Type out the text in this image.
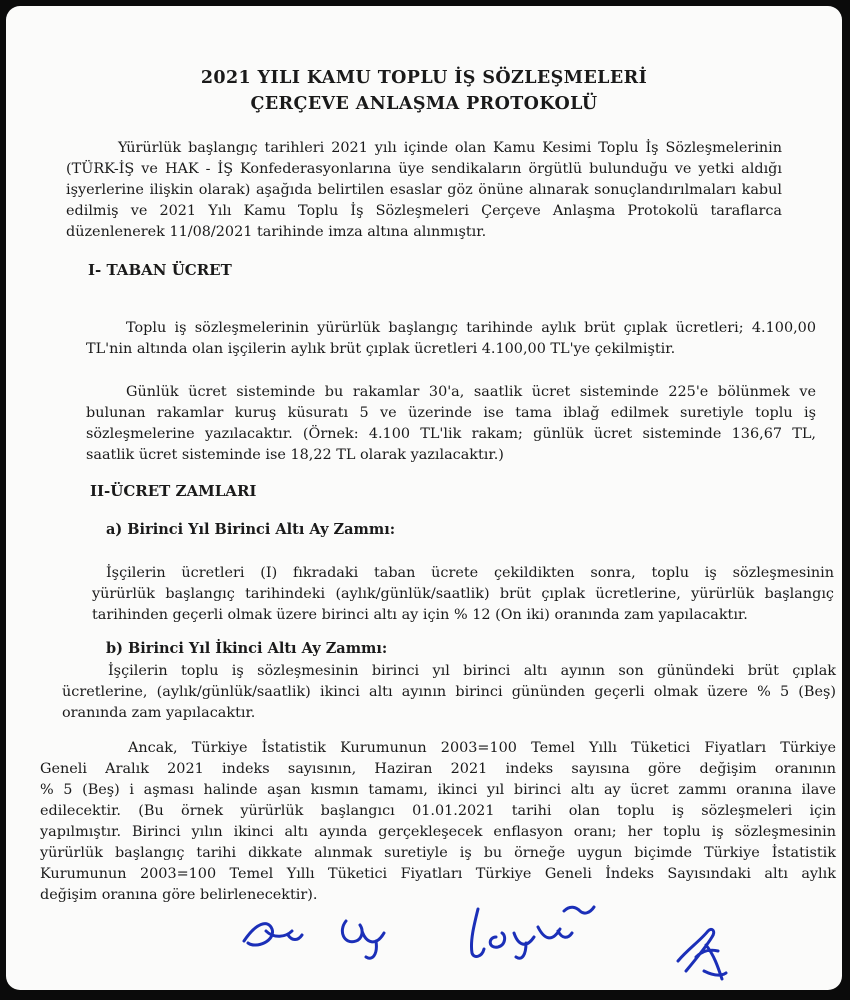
2021 YILI KAMU TOPLU İŞ SÖZLEŞMELERİ
ÇERÇEVE ANLAŞMA PROTOKOLÜ
Yürürlük başlangıç tarihleri 2021 yılı içinde olan Kamu Kesimi Toplu İş Sözleşmelerinin
(TÜRK-İŞ ve HAK - İŞ Konfederasyonlarına üye sendikaların örgütlü bulunduğu ve yetki aldığı
işyerlerine ilişkin olarak) aşağıda belirtilen esaslar göz önüne alınarak sonuçlandırılmaları kabul
edilmiş ve 2021 Yılı Kamu Toplu İş Sözleşmeleri Çerçeve Anlaşma Protokolü taraflarca
düzenlenerek 11/08/2021 tarihinde imza altına alınmıştır.
I- TABAN ÜCRET
Toplu iş sözleşmelerinin yürürlük başlangıç tarihinde aylık brüt çıplak ücretleri; 4.100,00
TL'nin altında olan işçilerin aylık brüt çıplak ücretleri 4.100,00 TL'ye çekilmiştir.
Günlük ücret sisteminde bu rakamlar 30'a, saatlik ücret sisteminde 225'e bölünmek ve
bulunan rakamlar kuruş küsuratı 5 ve üzerinde ise tama iblağ edilmek suretiyle toplu iş
sözleşmelerine yazılacaktır. (Örnek: 4.100 TL'lik rakam; günlük ücret sisteminde 136,67 TL,
saatlik ücret sisteminde ise 18,22 TL olarak yazılacaktır.)
II-ÜCRET ZAMLARI
a) Birinci Yıl Birinci Altı Ay Zammı:
İşçilerin ücretleri (I) fıkradaki taban ücrete çekildikten sonra, toplu iş sözleşmesinin
yürürlük başlangıç tarihindeki (aylık/günlük/saatlik) brüt çıplak ücretlerine, yürürlük başlangıç
tarihinden geçerli olmak üzere birinci altı ay için % 12 (On iki) oranında zam yapılacaktır.
b) Birinci Yıl İkinci Altı Ay Zammı:
İşçilerin toplu iş sözleşmesinin birinci yıl birinci altı ayının son günündeki brüt çıplak
ücretlerine, (aylık/günlük/saatlik) ikinci altı ayının birinci gününden geçerli olmak üzere % 5 (Beş)
oranında zam yapılacaktır.
Ancak, Türkiye İstatistik Kurumunun 2003=100 Temel Yıllı Tüketici Fiyatları Türkiye
Geneli Aralık 2021 indeks sayısının, Haziran 2021 indeks sayısına göre değişim oranının
% 5 (Beş) i aşması halinde aşan kısmın tamamı, ikinci yıl birinci altı ay ücret zammı oranına ilave
edilecektir. (Bu örnek yürürlük başlangıcı 01.01.2021 tarihi olan toplu iş sözleşmeleri için
yapılmıştır. Birinci yılın ikinci altı ayında gerçekleşecek enflasyon oranı; her toplu iş sözleşmesinin
yürürlük başlangıç tarihi dikkate alınmak suretiyle iş bu örneğe uygun biçimde Türkiye İstatistik
Kurumunun 2003=100 Temel Yıllı Tüketici Fiyatları Türkiye Geneli İndeks Sayısındaki altı aylık
değişim oranına göre belirlenecektir).
